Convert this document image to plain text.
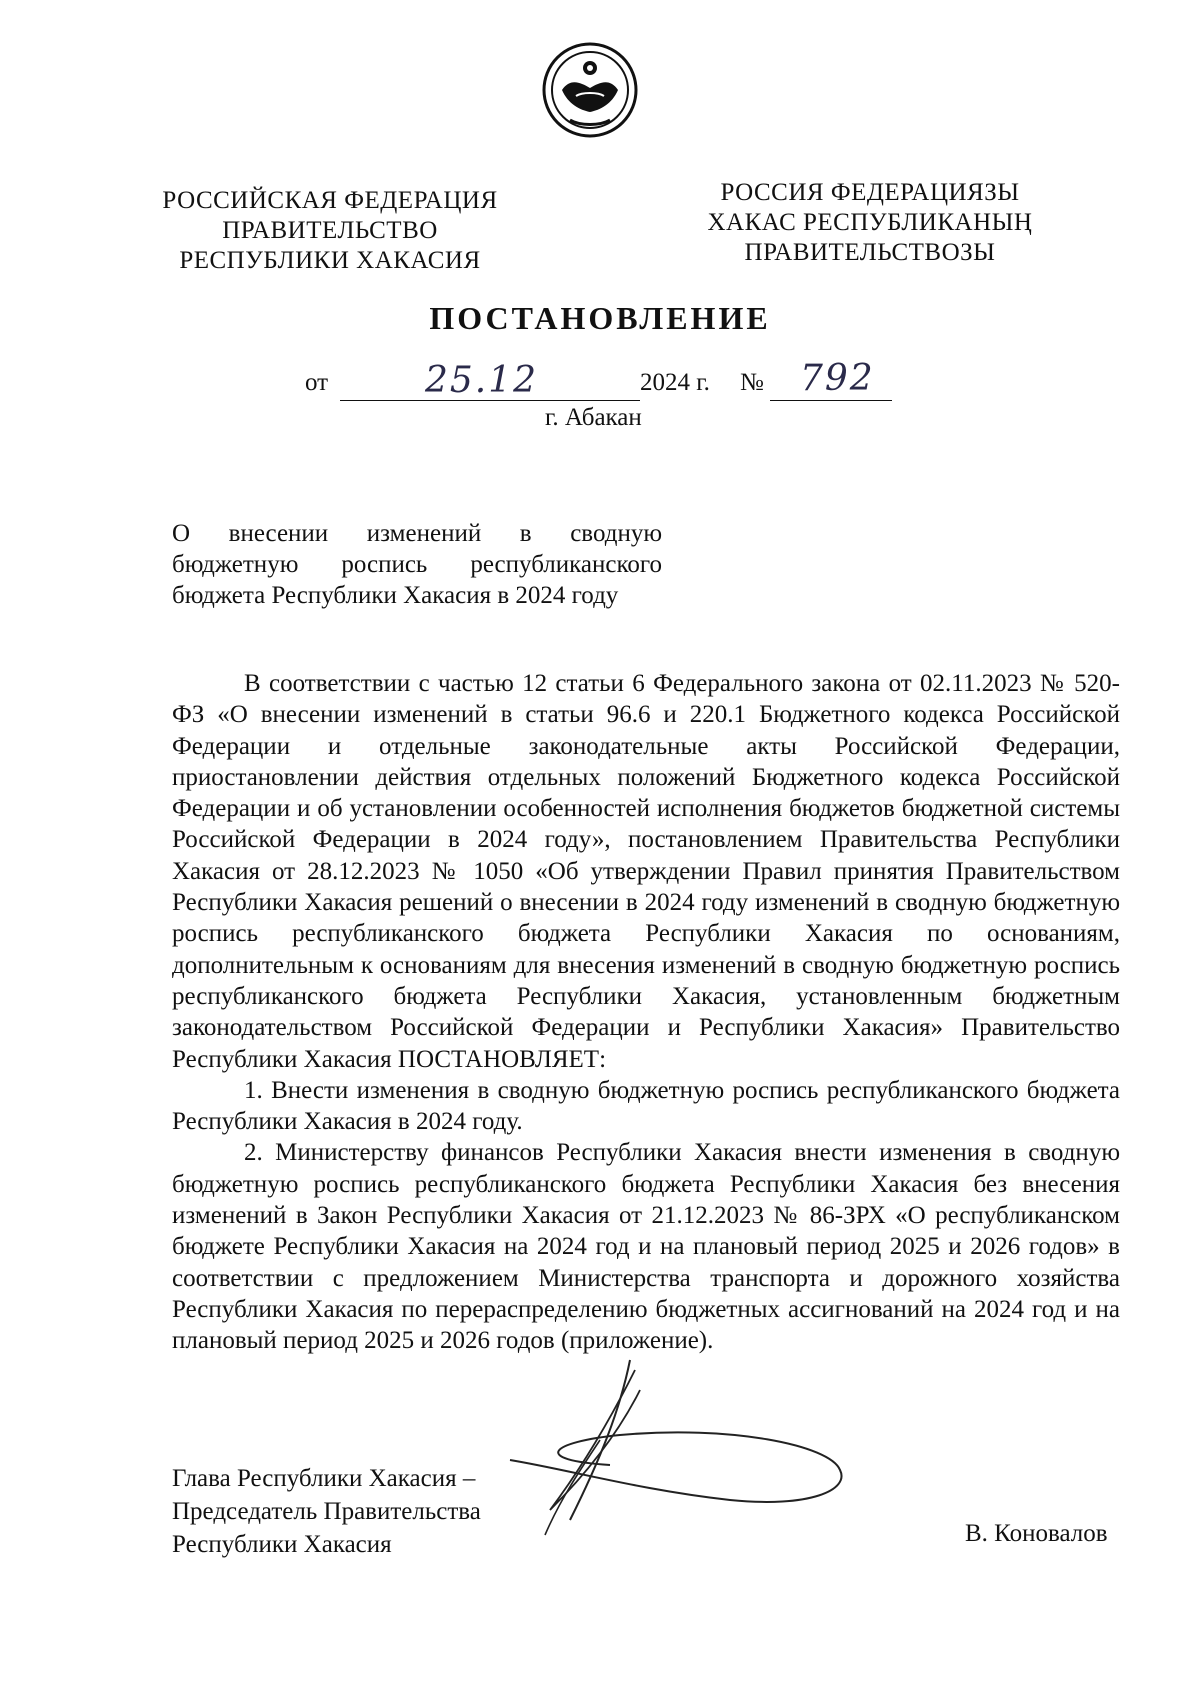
РОССИЙСКАЯ ФЕДЕРАЦИЯ
ПРАВИТЕЛЬСТВО
РЕСПУБЛИКИ ХАКАСИЯ
РОССИЯ ФЕДЕРАЦИЯЗЫ
ХАКАС РЕСПУБЛИКАНЫҢ
ПРАВИТЕЛЬСТВОЗЫ
ПОСТАНОВЛЕНИЕ
от	25.12	2024 г. № 792
г. Абакан
О внесении изменений в сводную
бюджетную роспись республиканского
бюджета Республики Хакасия в 2024 году

В соответствии с частью 12 статьи 6 Федерального закона от 02.11.2023 № 520-ФЗ «О внесении изменений в статьи 96.6 и 220.1 Бюджетного кодекса Российской Федерации и отдельные законодательные акты Российской Федерации, приостановлении действия отдельных положений Бюджетного кодекса Российской Федерации и об установлении особенностей исполнения бюджетов бюджетной системы Российской Федерации в 2024 году», постановлением Правительства Республики Хакасия от 28.12.2023 № 1050 «Об утверждении Правил принятия Правительством Республики Хакасия решений о внесении в 2024 году изменений в сводную бюджетную роспись республиканского бюджета Республики Хакасия по основаниям, дополнительным к основаниям для внесения изменений в сводную бюджетную роспись республиканского бюджета Республики Хакасия, установленным бюджетным законодательством Российской Федерации и Республики Хакасия» Правительство Республики Хакасия ПОСТАНОВЛЯЕТ:

1. Внести изменения в сводную бюджетную роспись республиканского бюджета Республики Хакасия в 2024 году.

2. Министерству финансов Республики Хакасия внести изменения в сводную бюджетную роспись республиканского бюджета Республики Хакасия без внесения изменений в Закон Республики Хакасия от 21.12.2023 № 86-ЗРХ «О республиканском бюджете Республики Хакасия на 2024 год и на плановый период 2025 и 2026 годов» в соответствии с предложением Министерства транспорта и дорожного хозяйства Республики Хакасия по перераспределению бюджетных ассигнований на 2024 год и на плановый период 2025 и 2026 годов (приложение).

Глава Республики Хакасия –
Председатель Правительства
Республики Хакасия	В. Коновалов
